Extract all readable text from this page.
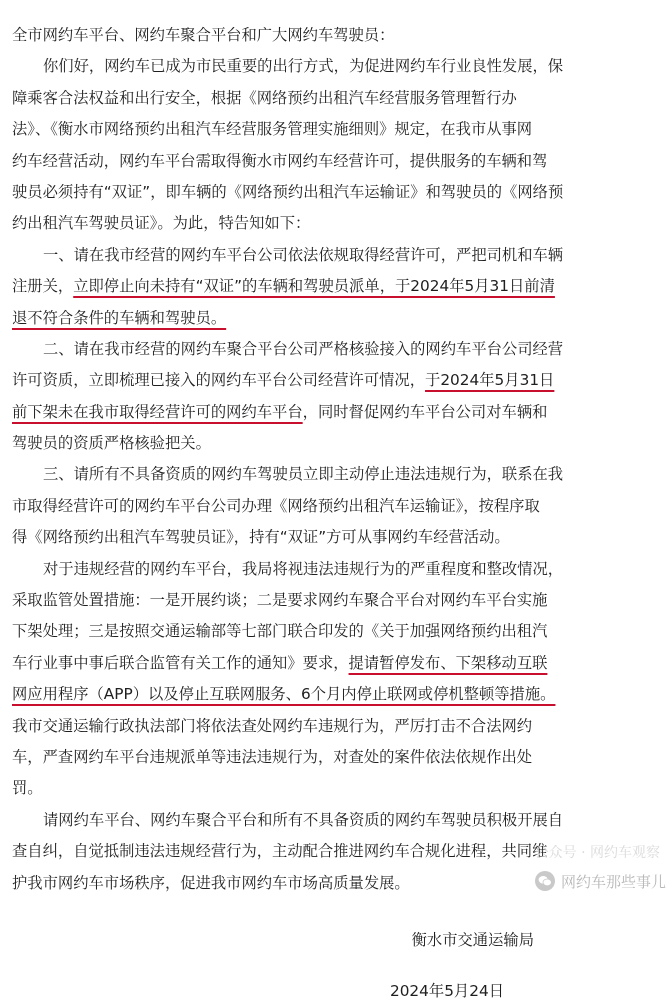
全市网约车平台、网约车聚合平台和广大网约车驾驶员：
你们好，网约车已成为市民重要的出行方式，为促进网约车行业良性发展，保
障乘客合法权益和出行安全，根据《网络预约出租汽车经营服务管理暂行办
法》、《衡水市网络预约出租汽车经营服务管理实施细则》规定，在我市从事网
约车经营活动，网约车平台需取得衡水市网约车经营许可，提供服务的车辆和驾
驶员必须持有“双证”，即车辆的《网络预约出租汽车运输证》和驾驶员的《网络预
约出租汽车驾驶员证》。为此，特告知如下：
一、请在我市经营的网约车平台公司依法依规取得经营许可，严把司机和车辆
注册关，立即停止向未持有“双证”的车辆和驾驶员派单，于2024年5月31日前清
退不符合条件的车辆和驾驶员。
二、请在我市经营的网约车聚合平台公司严格核验接入的网约车平台公司经营
许可资质，立即梳理已接入的网约车平台公司经营许可情况，于2024年5月31日
前下架未在我市取得经营许可的网约车平台，同时督促网约车平台公司对车辆和
驾驶员的资质严格核验把关。
三、请所有不具备资质的网约车驾驶员立即主动停止违法违规行为，联系在我
市取得经营许可的网约车平台公司办理《网络预约出租汽车运输证》，按程序取
得《网络预约出租汽车驾驶员证》，持有“双证”方可从事网约车经营活动。
对于违规经营的网约车平台，我局将视违法违规行为的严重程度和整改情况，
采取监管处置措施：一是开展约谈；二是要求网约车聚合平台对网约车平台实施
下架处理；三是按照交通运输部等七部门联合印发的《关于加强网络预约出租汽
车行业事中事后联合监管有关工作的通知》要求，提请暂停发布、下架移动互联
网应用程序（APP）以及停止互联网服务、6个月内停止联网或停机整顿等措施。
我市交通运输行政执法部门将依法查处网约车违规行为，严厉打击不合法网约
车，严查网约车平台违规派单等违法违规行为，对查处的案件依法依规作出处
罚。
请网约车平台、网约车聚合平台和所有不具备资质的网约车驾驶员积极开展自
查自纠，自觉抵制违法违规经营行为，主动配合推进网约车合规化进程，共同维
护我市网约车市场秩序，促进我市网约车市场高质量发展。
衡水市交通运输局
2024年5月24日
公众号 · 网约车观察
网约车那些事儿
